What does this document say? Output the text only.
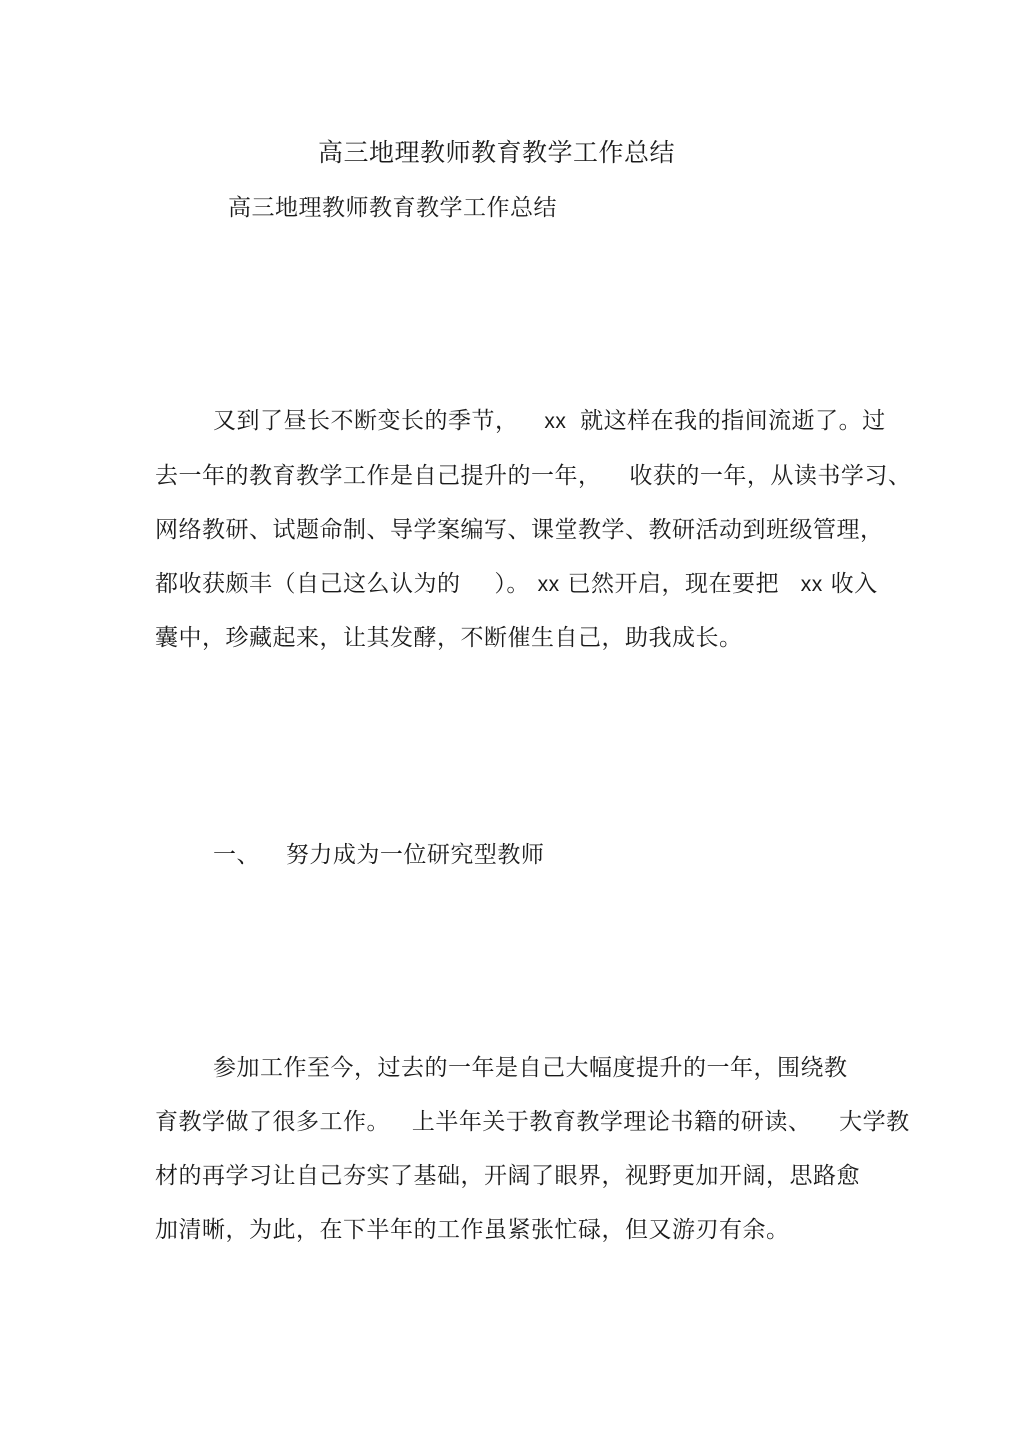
高三地理教师教育教学工作总结
高三地理教师教育教学工作总结
又到了昼长不断变长的季节， xx 就这样在我的指间流逝了。过
去一年的教育教学工作是自己提升的一年， 收获的一年，从读书学习、
网络教研、试题命制、导学案编写、课堂教学、教研活动到班级管理，
都收获颇丰（自己这么认为的 ）。 xx 已然开启，现在要把 xx 收入
囊中，珍藏起来，让其发酵，不断催生自己，助我成长。
一、 努力成为一位研究型教师
参加工作至今，过去的一年是自己大幅度提升的一年，围绕教
育教学做了很多工作。 上半年关于教育教学理论书籍的研读、 大学教
材的再学习让自己夯实了基础，开阔了眼界，视野更加开阔，思路愈
加清晰，为此，在下半年的工作虽紧张忙碌，但又游刃有余。
